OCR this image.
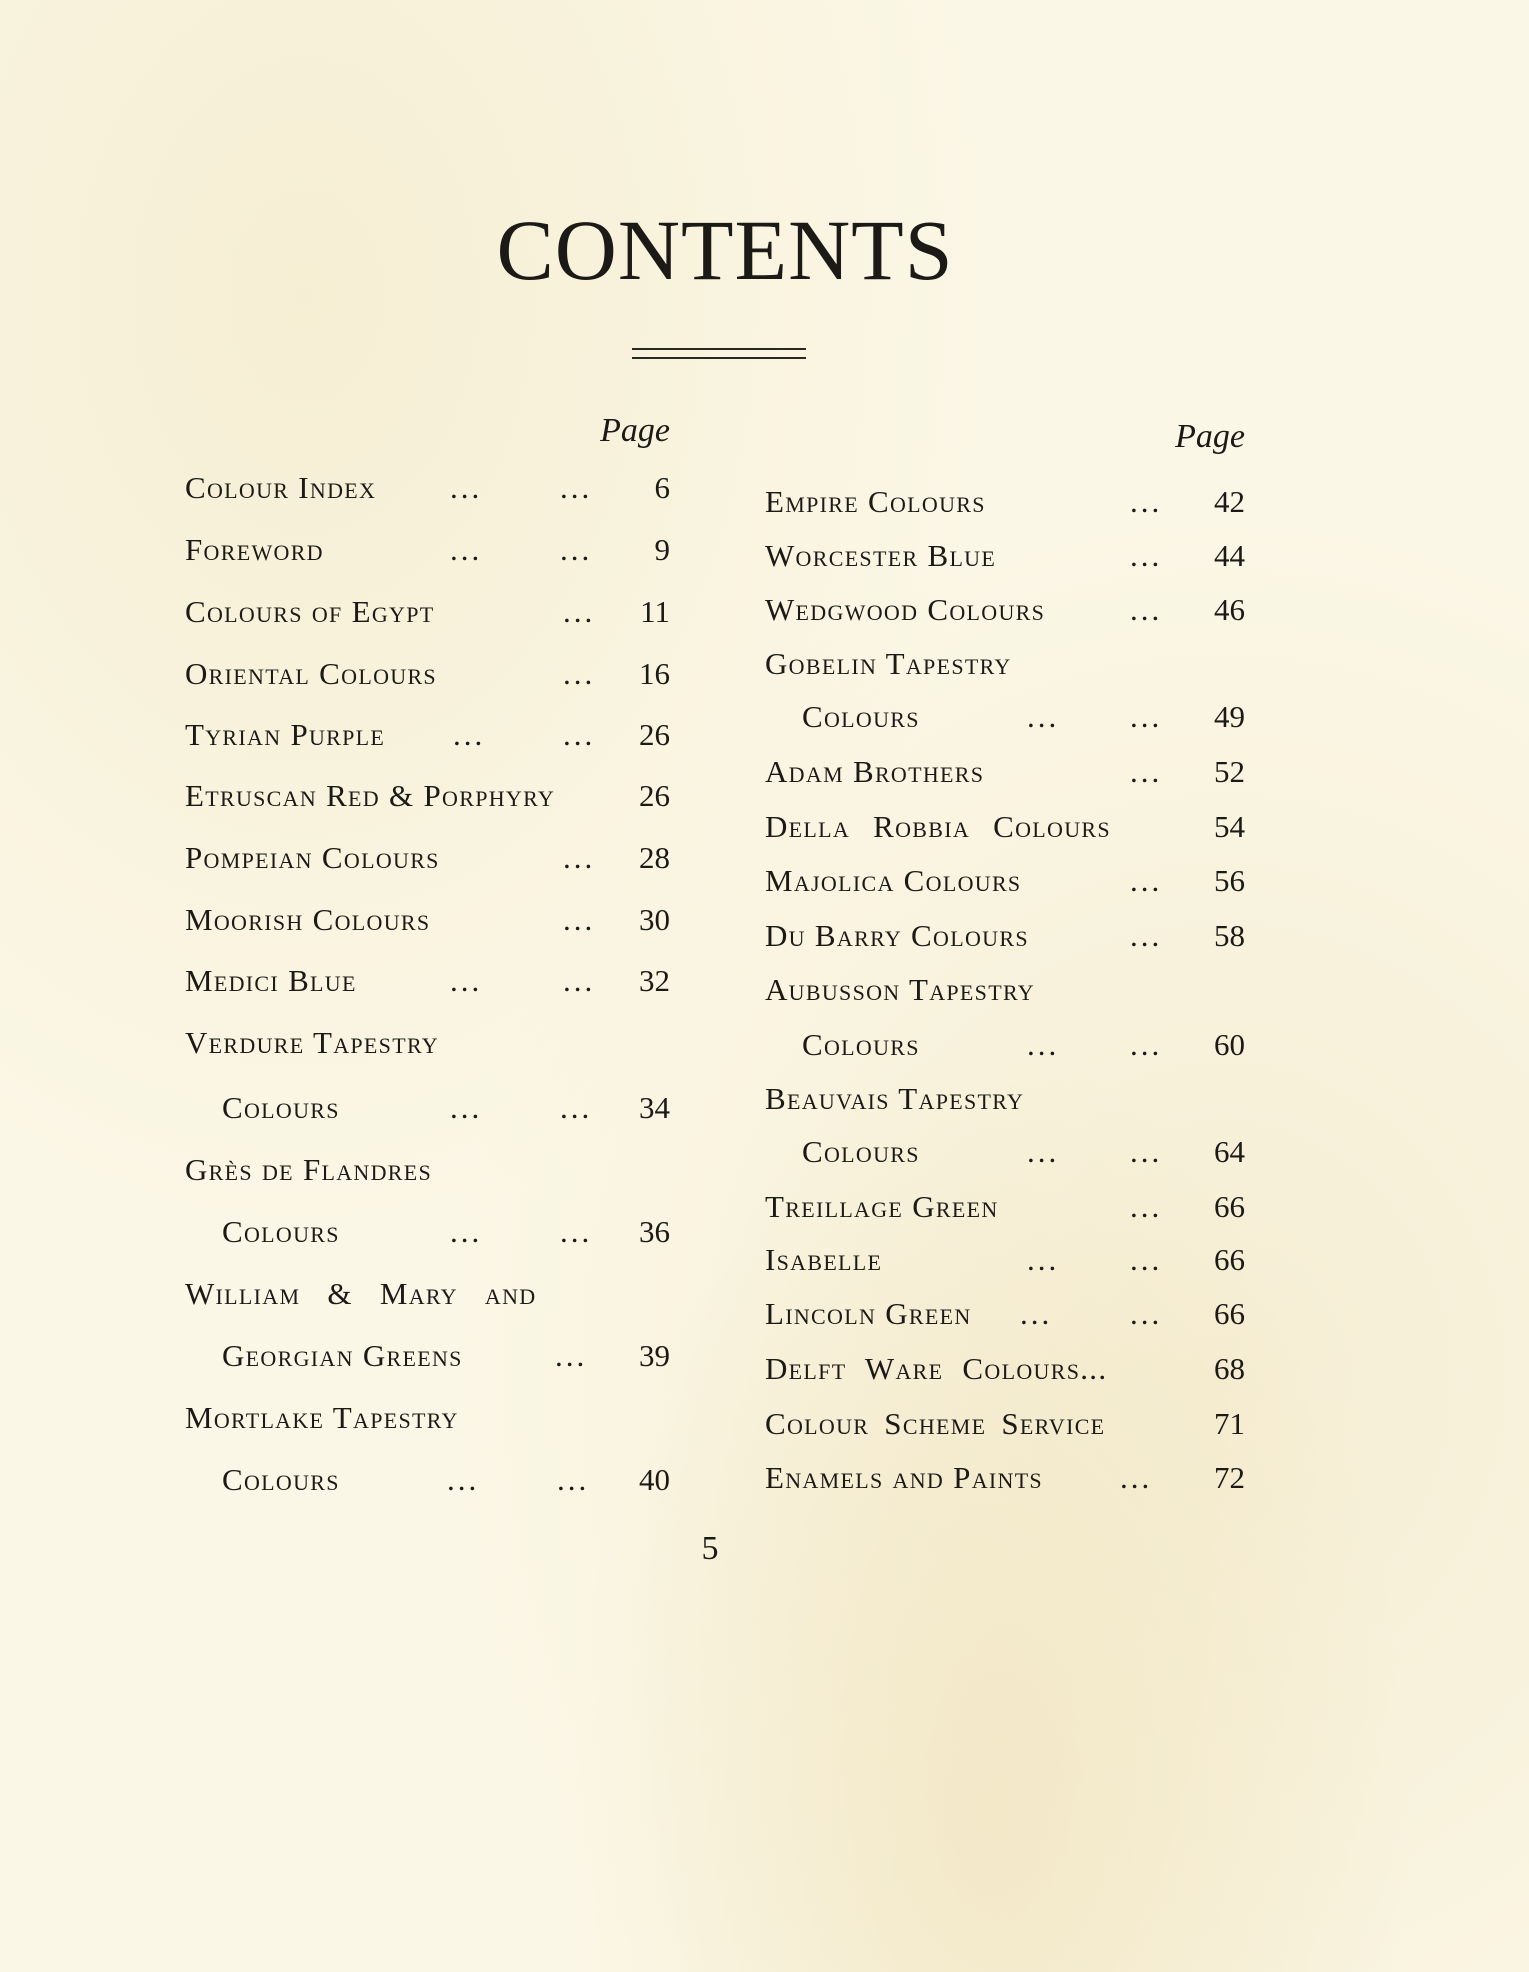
CONTENTS
Page
Colour Index ...	... 6
Foreword	...	... 9
Colours of Egypt	... 11
Oriental Colours	... 16
Tyrian Purple ...	... 26
Etruscan Red & Porphyry	26
Pompeian Colours	... 28
Moorish Colours	... 30
Medici Blue	...	... 32
Verdure Tapestry
Colours	...	... 34
Grès de Flandres
Colours	...	... 36
William & Mary and
Georgian Greens	... 39
Mortlake Tapestry
Colours	...	... 40
Page
Empire Colours	... 42
Worcester Blue	... 44
Wedgwood Colours	... 46
Gobelin Tapestry
Colours	... ... 49
Adam Brothers	... 52
Della Robbia Colours	54
Majolica Colours	... 56
Du Barry Colours	... 58
Aubusson Tapestry
Colours	... ... 60
Beauvais Tapestry
Colours	... ... 64
Treillage Green	... 66
Isabelle	... ... 66
Lincoln Green ...	... 66
Delft Ware Colours...	68
Colour Scheme Service	71
Enamels and Paints ... 72
5
